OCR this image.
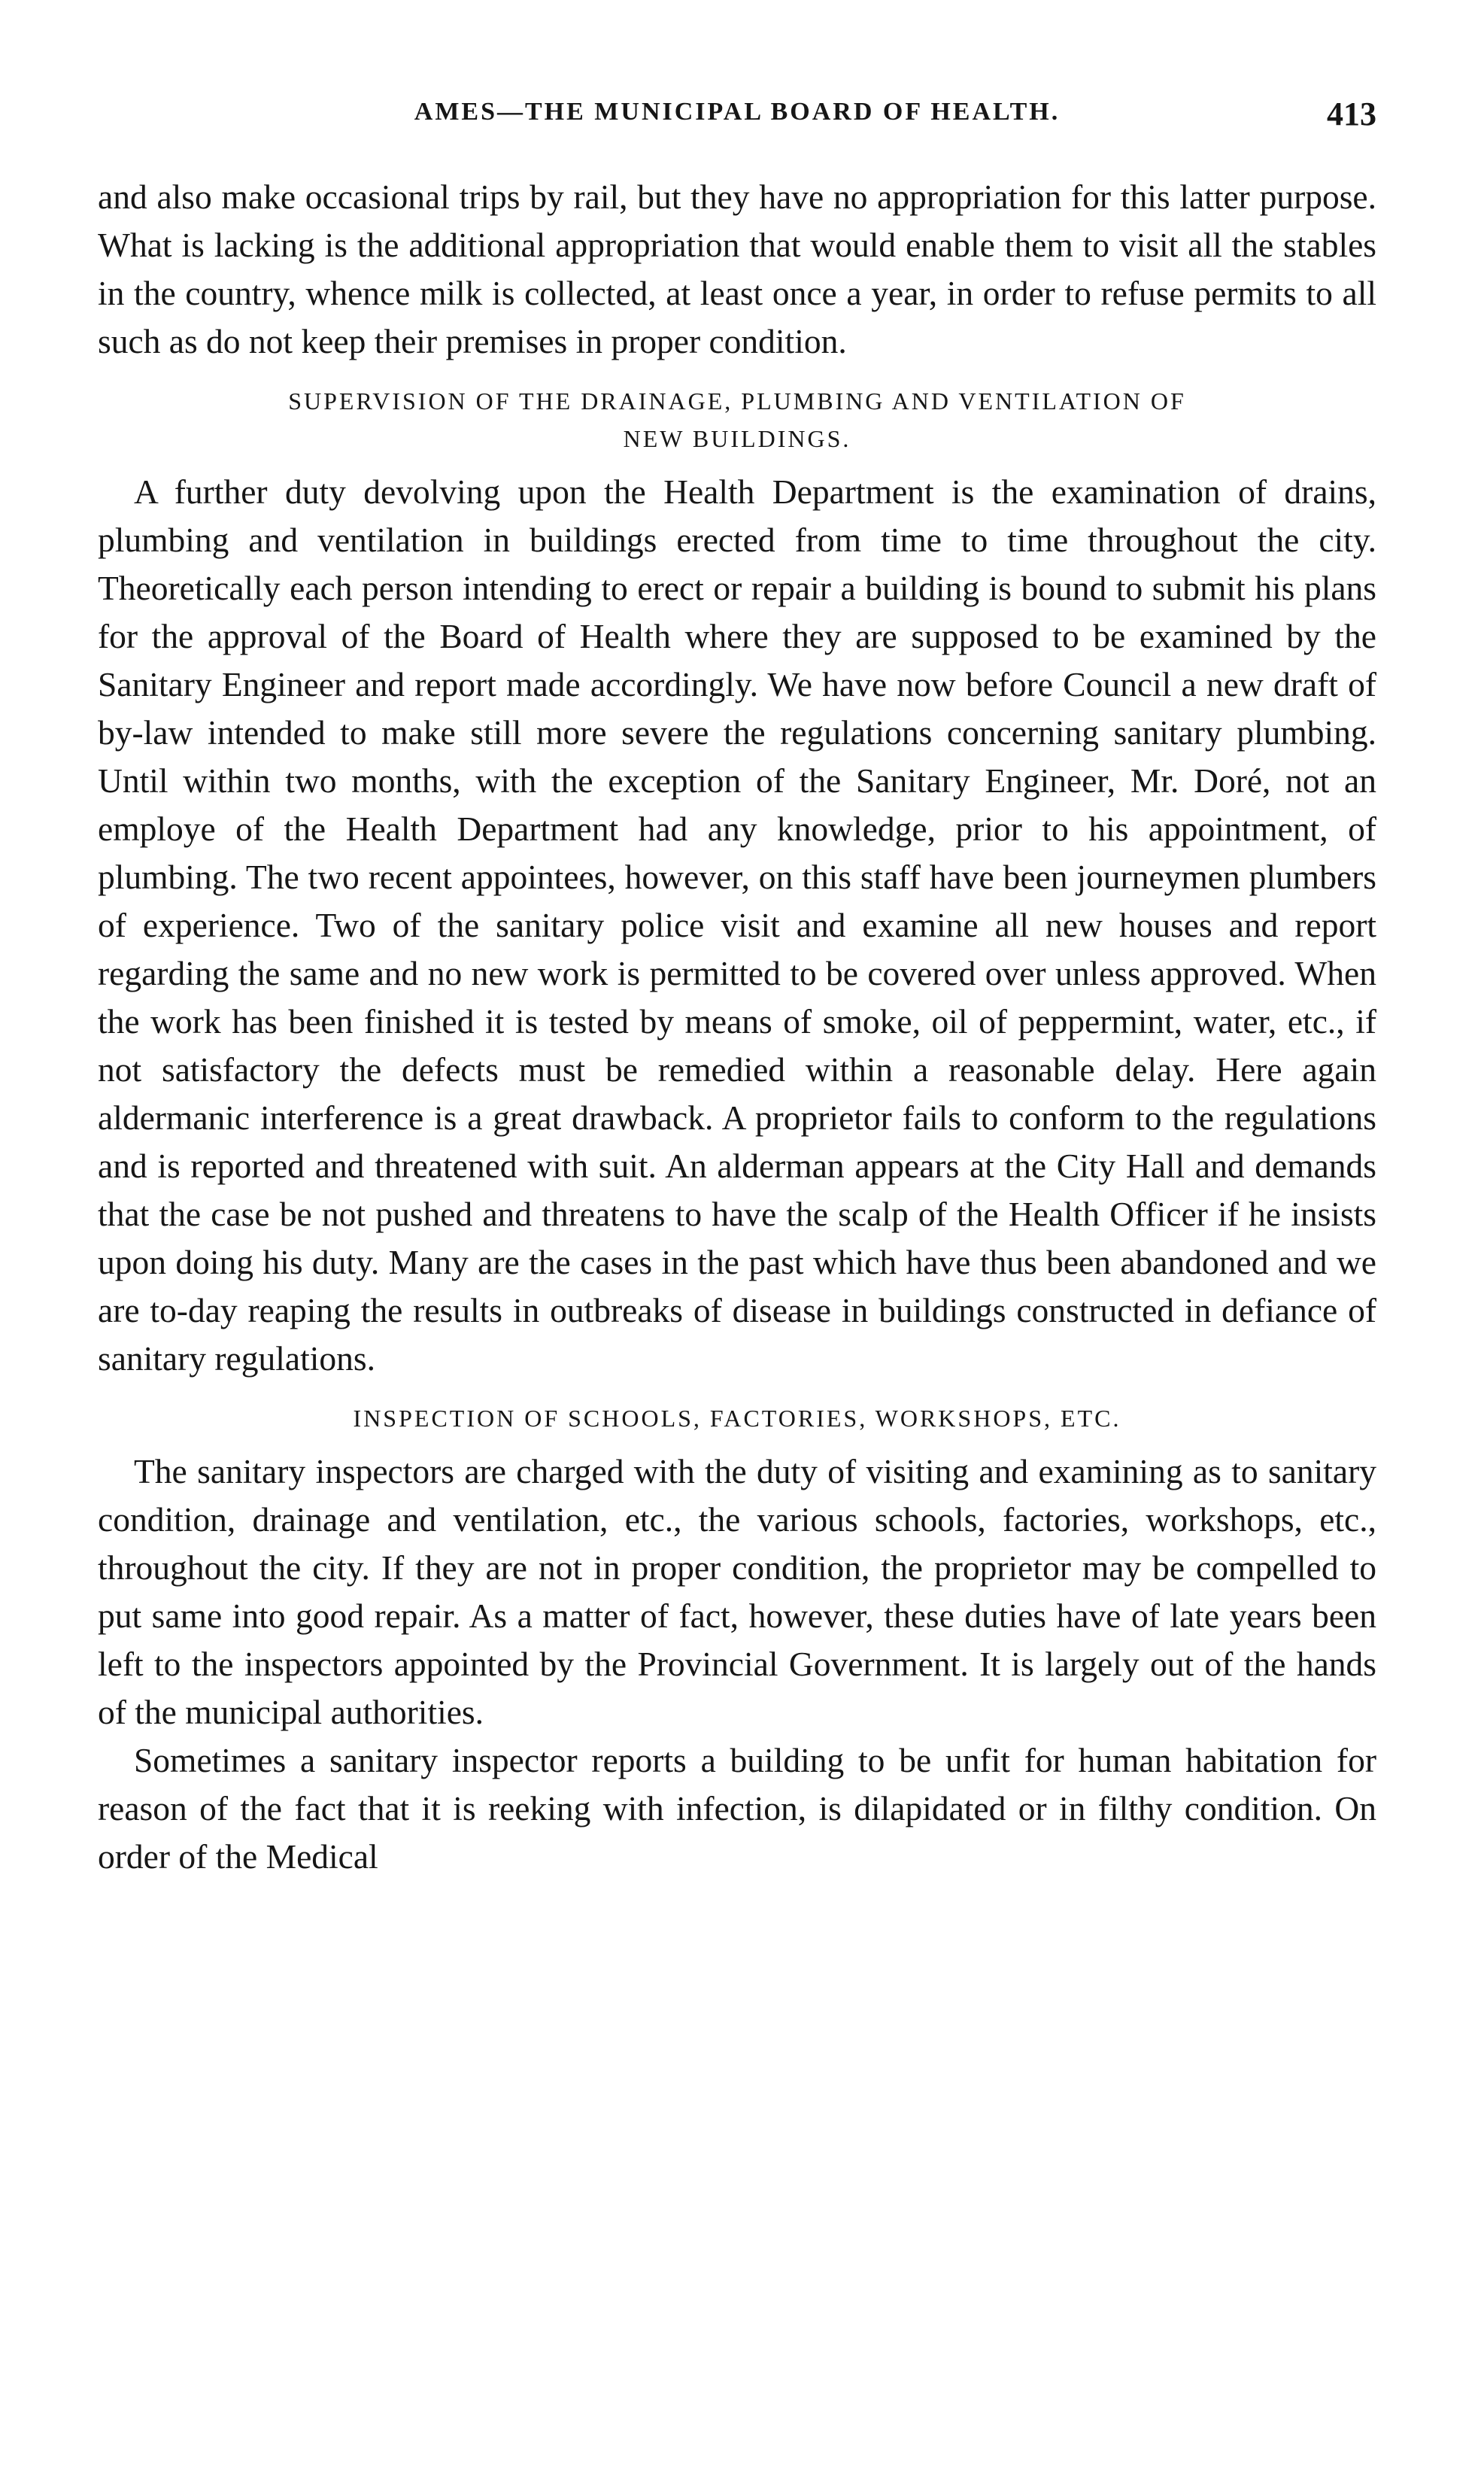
AMES—THE MUNICIPAL BOARD OF HEALTH.	413

and also make occasional trips by rail, but they have no appropriation for this latter purpose. What is lacking is the additional appropriation that would enable them to visit all the stables in the country, whence milk is collected, at least once a year, in order to refuse permits to all such as do not keep their premises in proper condition.

SUPERVISION OF THE DRAINAGE, PLUMBING AND VENTILATION OF
NEW BUILDINGS.

A further duty devolving upon the Health Department is the examination of drains, plumbing and ventilation in buildings erected from time to time throughout the city. Theoretically each person intending to erect or repair a building is bound to submit his plans for the approval of the Board of Health where they are supposed to be examined by the Sanitary Engineer and report made accordingly. We have now before Council a new draft of by-law intended to make still more severe the regulations concerning sanitary plumbing. Until within two months, with the exception of the Sanitary Engineer, Mr. Doré, not an employe of the Health Department had any knowledge, prior to his appointment, of plumbing. The two recent appointees, however, on this staff have been journeymen plumbers of experience. Two of the sanitary police visit and examine all new houses and report regarding the same and no new work is permitted to be covered over unless approved. When the work has been finished it is tested by means of smoke, oil of peppermint, water, etc., if not satisfactory the defects must be remedied within a reasonable delay. Here again aldermanic interference is a great drawback. A proprietor fails to conform to the regulations and is reported and threatened with suit. An alderman appears at the City Hall and demands that the case be not pushed and threatens to have the scalp of the Health Officer if he insists upon doing his duty. Many are the cases in the past which have thus been abandoned and we are to-day reaping the results in outbreaks of disease in buildings constructed in defiance of sanitary regulations.

INSPECTION OF SCHOOLS, FACTORIES, WORKSHOPS, ETC.

The sanitary inspectors are charged with the duty of visiting and examining as to sanitary condition, drainage and ventilation, etc., the various schools, factories, workshops, etc., throughout the city. If they are not in proper condition, the proprietor may be compelled to put same into good repair. As a matter of fact, however, these duties have of late years been left to the inspectors appointed by the Provincial Government. It is largely out of the hands of the municipal authorities.

Sometimes a sanitary inspector reports a building to be unfit for human habitation for reason of the fact that it is reeking with infection, is dilapidated or in filthy condition. On order of the Medical
